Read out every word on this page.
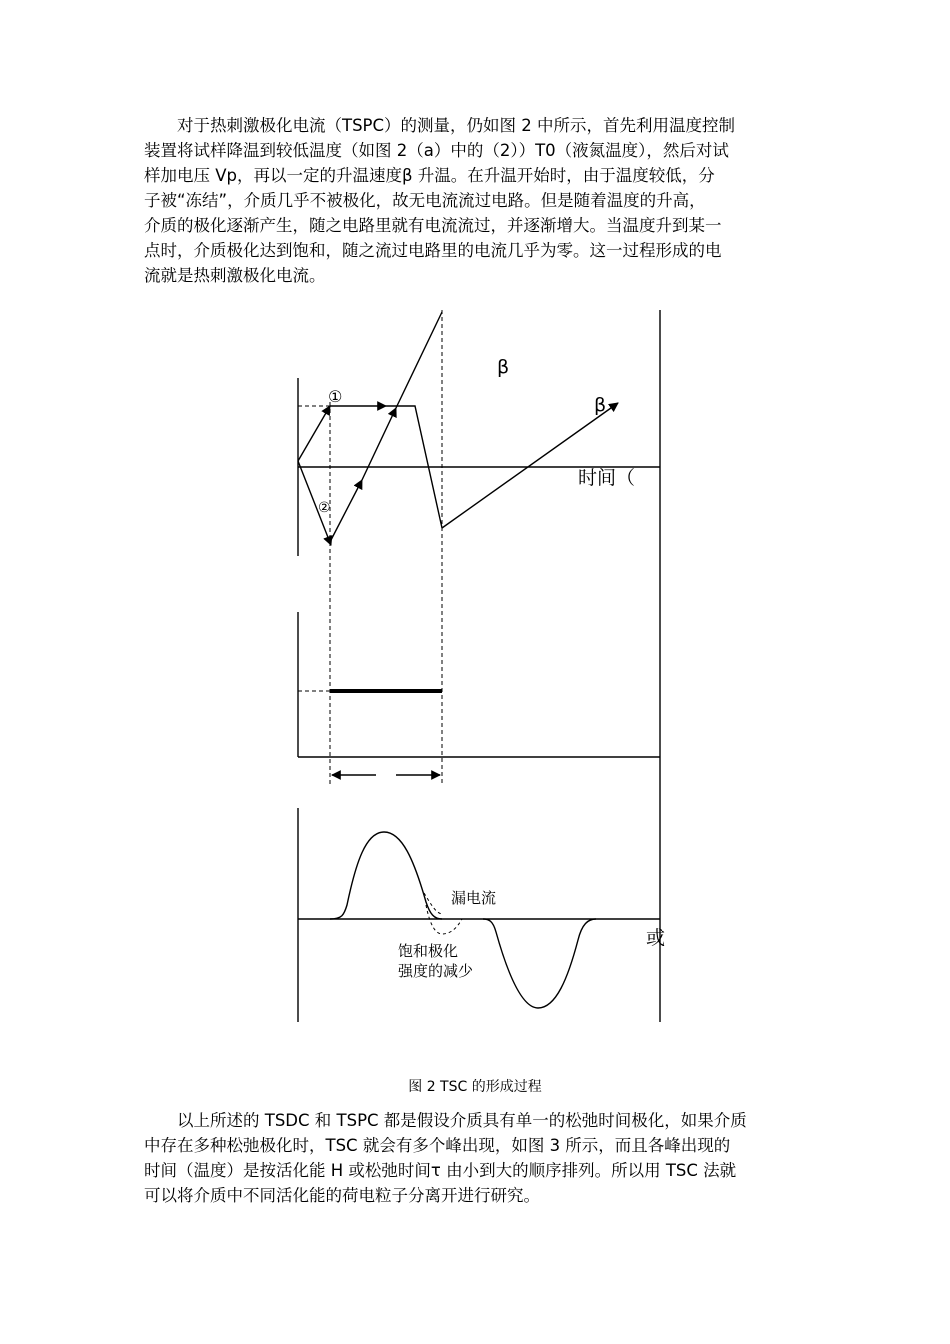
　　对于热刺激极化电流（TSPC）的测量，仍如图 2 中所示，首先利用温度控制
装置将试样降温到较低温度（如图 2（a）中的（2））T0（液氮温度），然后对试
样加电压 Vp，再以一定的升温速度β 升温。在升温开始时，由于温度较低，分
子被“冻结”，介质几乎不被极化，故无电流流过电路。但是随着温度的升高，
介质的极化逐渐产生，随之电路里就有电流流过，并逐渐增大。当温度升到某一
点时，介质极化达到饱和，随之流过电路里的电流几乎为零。这一过程形成的电
流就是热刺激极化电流。
β
β
①
②
时间（
漏电流
或
饱和极化
强度的减少
图 2 TSC 的形成过程
　　以上所述的 TSDC 和 TSPC 都是假设介质具有单一的松弛时间极化，如果介质
中存在多种松弛极化时，TSC 就会有多个峰出现，如图 3 所示，而且各峰出现的
时间（温度）是按活化能 H 或松弛时间τ 由小到大的顺序排列。所以用 TSC 法就
可以将介质中不同活化能的荷电粒子分离开进行研究。
